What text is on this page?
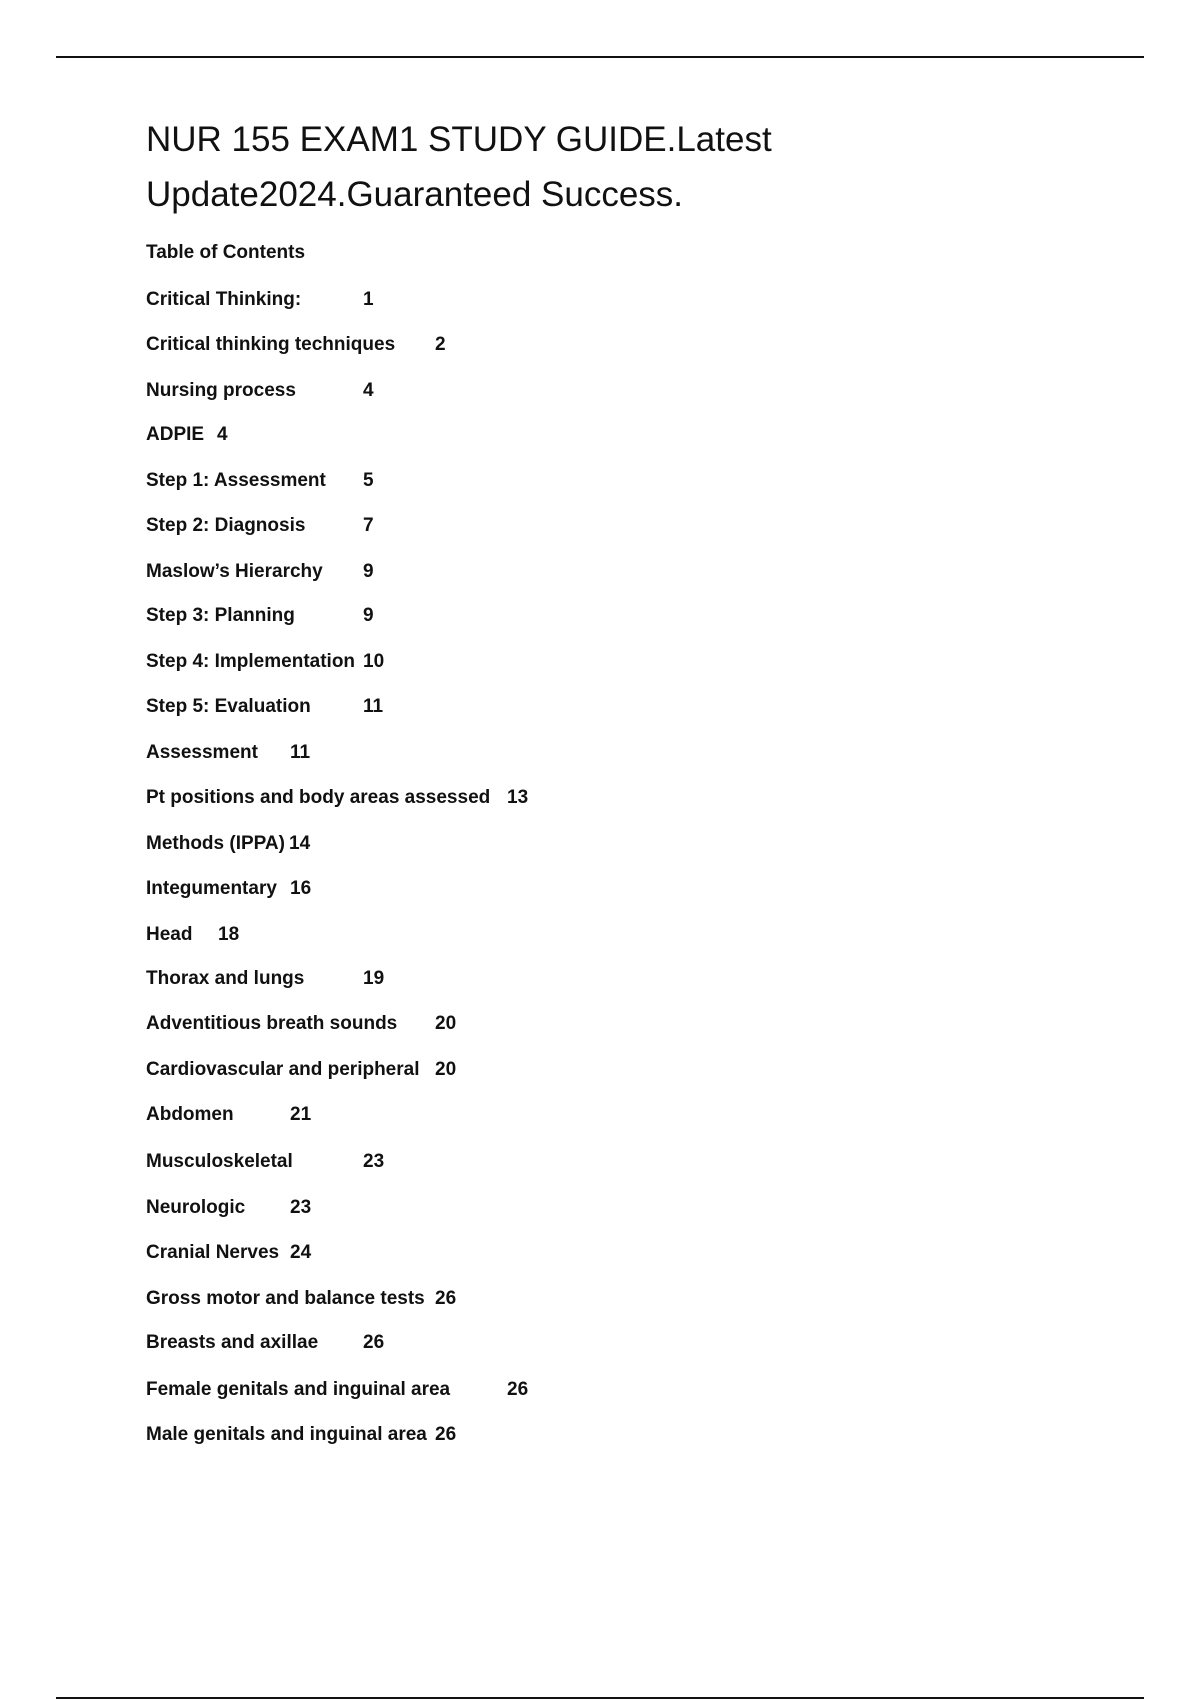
NUR 155 EXAM1 STUDY GUIDE.Latest
Update2024.Guaranteed Success.
Table of Contents
Critical Thinking:	1
Critical thinking techniques 2
Nursing process	4
ADPIE 4
Step 1: Assessment 5
Step 2: Diagnosis	7
Maslow’s Hierarchy 9
Step 3: Planning	9
Step 4: Implementation 10
Step 5: Evaluation	11
Assessment 11
Pt positions and body areas assessed 13
Methods (IPPA) 14
Integumentary 16
Head 18
Thorax and lungs	19
Adventitious breath sounds 20
Cardiovascular and peripheral 20
Abdomen	21
Musculoskeletal	23
Neurologic 23
Cranial Nerves 24
Gross motor and balance tests 26
Breasts and axillae 26
Female genitals and inguinal area	26
Male genitals and inguinal area 26
